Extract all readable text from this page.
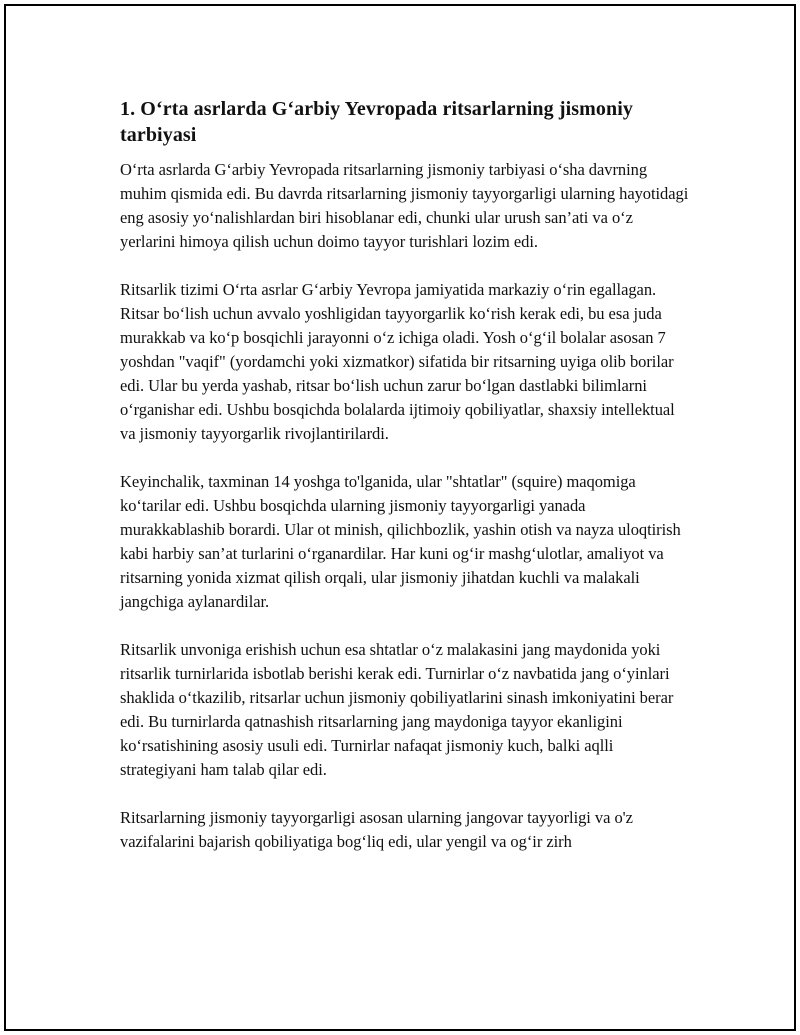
1. O‘rta asrlarda G‘arbiy Yevropada ritsarlarning jismoniy tarbiyasi

O‘rta asrlarda G‘arbiy Yevropada ritsarlarning jismoniy tarbiyasi o‘sha davrning muhim qismida edi. Bu davrda ritsarlarning jismoniy tayyorgarligi ularning hayotidagi eng asosiy yo‘nalishlardan biri hisoblanar edi, chunki ular urush san’ati va o‘z yerlarini himoya qilish uchun doimo tayyor turishlari lozim edi.

Ritsarlik tizimi O‘rta asrlar G‘arbiy Yevropa jamiyatida markaziy o‘rin egallagan. Ritsar bo‘lish uchun avvalo yoshligidan tayyorgarlik ko‘rish kerak edi, bu esa juda murakkab va ko‘p bosqichli jarayonni o‘z ichiga oladi. Yosh o‘g‘il bolalar asosan 7 yoshdan "vaqif" (yordamchi yoki xizmatkor) sifatida bir ritsarning uyiga olib borilar edi. Ular bu yerda yashab, ritsar bo‘lish uchun zarur bo‘lgan dastlabki bilimlarni o‘rganishar edi. Ushbu bosqichda bolalarda ijtimoiy qobiliyatlar, shaxsiy intellektual va jismoniy tayyorgarlik rivojlantirilardi.

Keyinchalik, taxminan 14 yoshga to'lganida, ular "shtatlar" (squire) maqomiga ko‘tarilar edi. Ushbu bosqichda ularning jismoniy tayyorgarligi yanada murakkablashib borardi. Ular ot minish, qilichbozlik, yashin otish va nayza uloqtirish kabi harbiy san’at turlarini o‘rganardilar. Har kuni og‘ir mashg‘ulotlar, amaliyot va ritsarning yonida xizmat qilish orqali, ular jismoniy jihatdan kuchli va malakali jangchiga aylanardilar.

Ritsarlik unvoniga erishish uchun esa shtatlar o‘z malakasini jang maydonida yoki ritsarlik turnirlarida isbotlab berishi kerak edi. Turnirlar o‘z navbatida jang o‘yinlari shaklida o‘tkazilib, ritsarlar uchun jismoniy qobiliyatlarini sinash imkoniyatini berar edi. Bu turnirlarda qatnashish ritsarlarning jang maydoniga tayyor ekanligini ko‘rsatishining asosiy usuli edi. Turnirlar nafaqat jismoniy kuch, balki aqlli strategiyani ham talab qilar edi.

Ritsarlarning jismoniy tayyorgarligi asosan ularning jangovar tayyorligi va o'z vazifalarini bajarish qobiliyatiga bog‘liq edi, ular yengil va og‘ir zirh
